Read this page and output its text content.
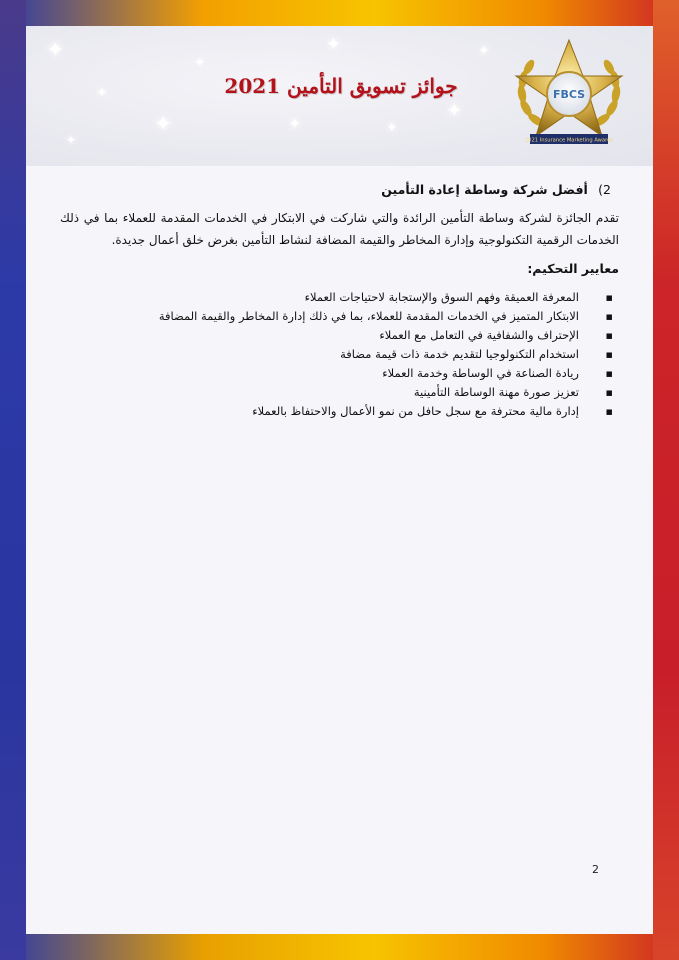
✦
✦
✦
✦
✦
✦
✦
✦
✦
✦
جوائز تسويق التأمين 2021	FBCS
2021 Insurance Marketing Awards

2) أفضل شركة وساطة إعادة التأمين

تقدم الجائزة لشركة وساطة التأمين الرائدة والتي شاركت في الابتكار في الخدمات المقدمة للعملاء بما في ذلك الخدمات الرقمية التكنولوجية وإدارة المخاطر والقيمة المضافة لنشاط التأمين بغرض خلق أعمال جديدة.

معايير التحكيم:

▪
المعرفة العميقة وفهم السوق والإستجابة لاحتياجات العملاء
▪
الابتكار المتميز في الخدمات المقدمة للعملاء، بما في ذلك إدارة المخاطر والقيمة المضافة
▪
الإحتراف والشفافية في التعامل مع العملاء
▪
استخدام التكنولوجيا لتقديم خدمة ذات قيمة مضافة
▪
ريادة الصناعة في الوساطة وخدمة العملاء
▪
تعزيز صورة مهنة الوساطة التأمينية
▪
إدارة مالية محترفة مع سجل حافل من نمو الأعمال والاحتفاظ بالعملاء
2
